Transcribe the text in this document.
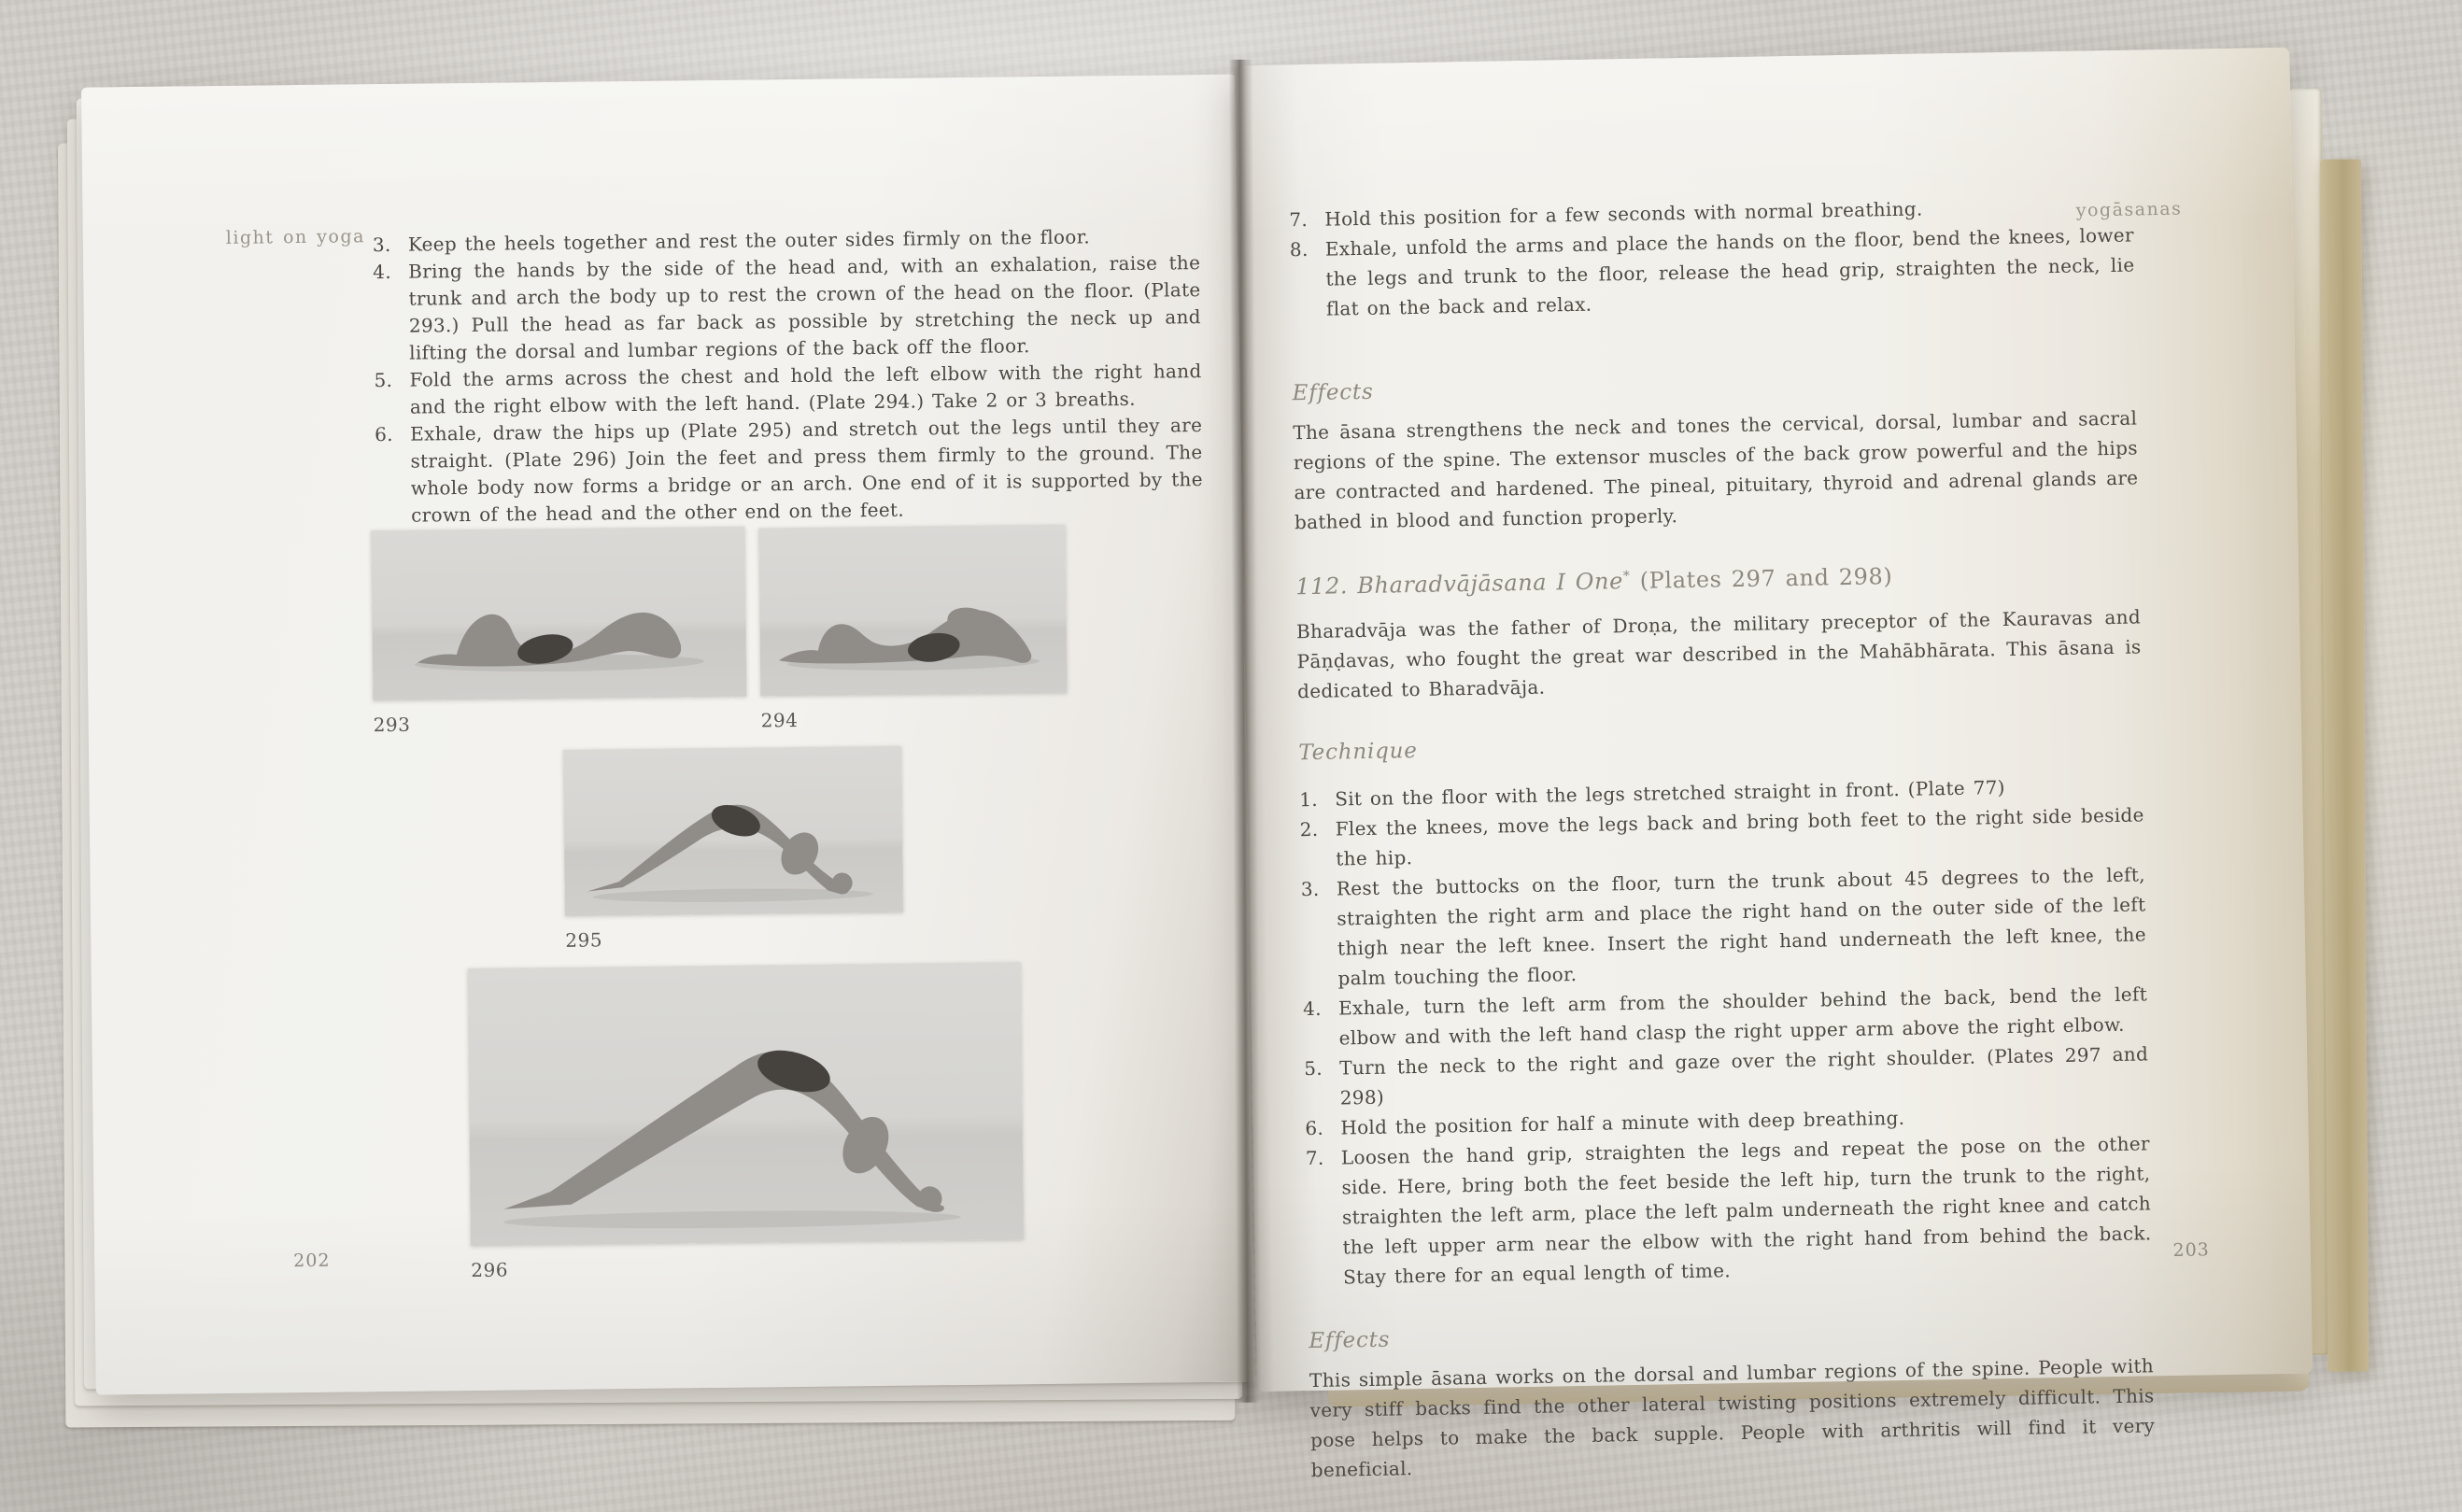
light on yoga 3. Keep the heels together and rest the outer sides firmly on the floor.
4. Bring the hands by the side of the head and, with an exhalation, raise the trunk and arch the body up to rest the crown of the head on the floor. (Plate 293.) Pull the head as far back as possible by stretching the neck up and lifting the dorsal and lumbar regions of the back off the floor.
5. Fold the arms across the chest and hold the left elbow with the right hand and the right elbow with the left hand. (Plate 294.) Take 2 or 3 breaths.
6. Exhale, draw the hips up (Plate 295) and stretch out the legs until they are straight. (Plate 296) Join the feet and press them firmly to the ground. The whole body now forms a bridge or an arch. One end of it is supported by the crown of the head and the other end on the feet.
293	294
295
296
202
yogāsanas
7. Hold this position for a few seconds with normal breathing.
8. Exhale, unfold the arms and place the hands on the floor, bend the knees, lower the legs and trunk to the floor, release the head grip, straighten the neck, lie flat on the back and relax.
Effects

The āsana strengthens the neck and tones the cervical, dorsal, lumbar and sacral regions of the spine. The extensor muscles of the back grow powerful and the hips are contracted and hardened. The pineal, pituitary, thyroid and adrenal glands are bathed in blood and function properly.

112. Bharadvājāsana I One* (Plates 297 and 298)

Bharadvāja was the father of Droṇa, the military preceptor of the Kauravas and Pāṇḍavas, who fought the great war described in the Mahābhārata. This āsana is dedicated to Bharadvāja.

Technique
1. Sit on the floor with the legs stretched straight in front. (Plate 77)
2. Flex the knees, move the legs back and bring both feet to the right side beside the hip.
3. Rest the buttocks on the floor, turn the trunk about 45 degrees to the left, straighten the right arm and place the right hand on the outer side of the left thigh near the left knee. Insert the right hand underneath the left knee, the palm touching the floor.
4. Exhale, turn the left arm from the shoulder behind the back, bend the left elbow and with the left hand clasp the right upper arm above the right elbow.
5. Turn the neck to the right and gaze over the right shoulder. (Plates 297 and 298)
6. Hold the position for half a minute with deep breathing.
7. Loosen the hand grip, straighten the legs and repeat the pose on the other side. Here, bring both the feet beside the left hip, turn the trunk to the right, straighten the left arm, place the left palm underneath the right knee and catch the left upper arm near the elbow with the right hand from behind the back. Stay there for an equal length of time.
Effects

This simple āsana works on the dorsal and lumbar regions of the spine. People with very stiff backs find the other lateral twisting positions extremely difficult. This pose helps to make the back supple. People with arthritis will find it very beneficial.

203
